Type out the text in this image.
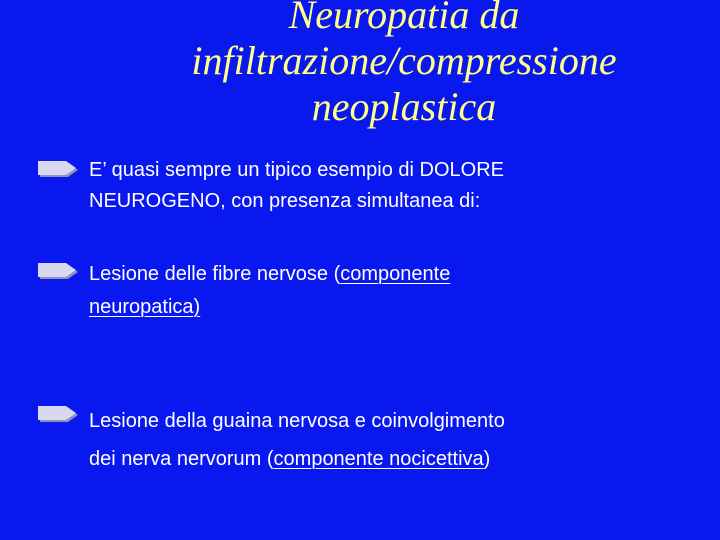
Neuropatia da
infiltrazione/compressione
neoplastica
E’ quasi sempre un tipico esempio di DOLORE
NEUROGENO, con presenza simultanea di:
Lesione delle fibre nervose (componente
neuropatica)
Lesione della guaina nervosa e coinvolgimento
dei nerva nervorum (componente nocicettiva)
